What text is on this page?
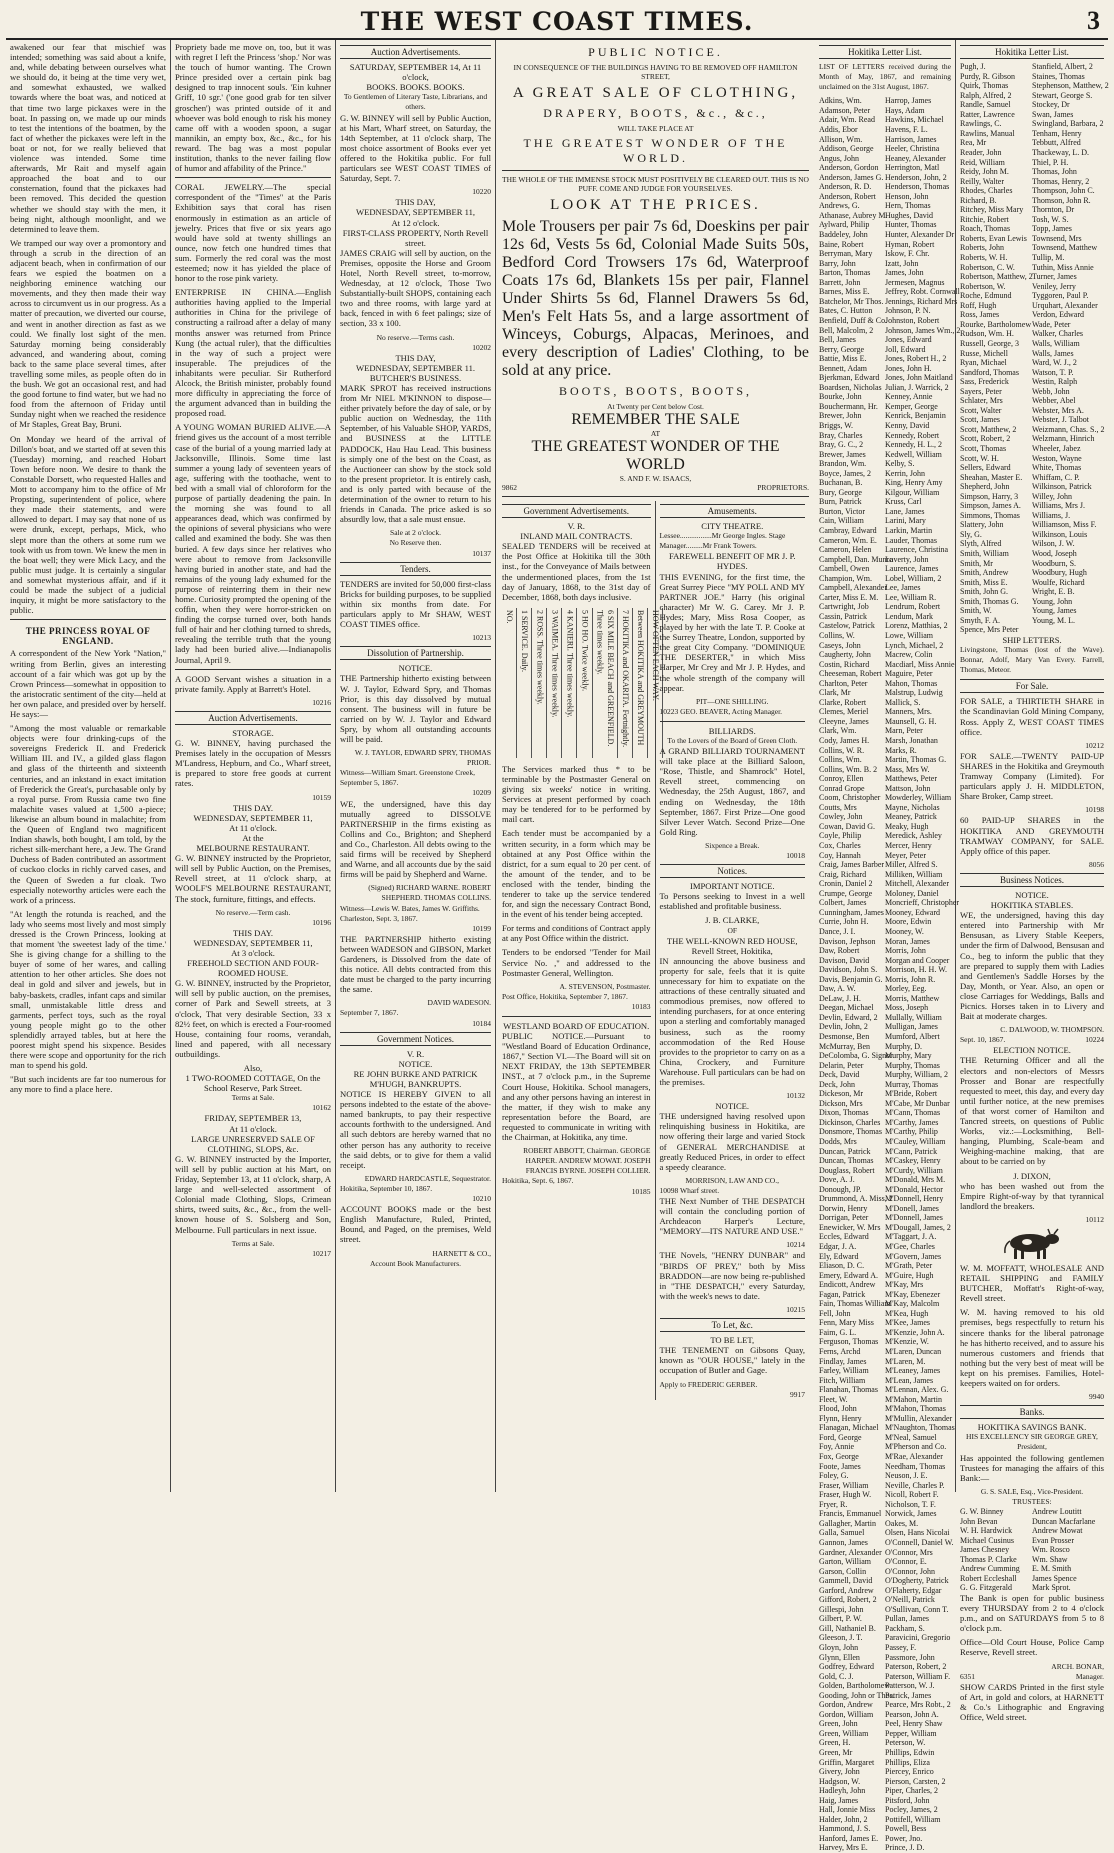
THE WEST COAST TIMES.	3

awakened our fear that mischief was intended; something was said about a knife, and, while debating between ourselves what we should do, it being at the time very wet, and somewhat exhausted, we walked towards where the boat was, and noticed at that time two large pickaxes were in the boat. In passing on, we made up our minds to test the intentions of the boatmen, by the fact of whether the pickaxes were left in the boat or not, for we really believed that violence was intended. Some time afterwards, Mr Rait and myself again approached the boat and to our consternation, found that the pickaxes had been removed. This decided the question whether we should stay with the men, it being night, although moonlight, and we determined to leave them.

We tramped our way over a promontory and through a scrub in the direction of an adjacent beach, when in confirmation of our fears we espied the boatmen on a neighboring eminence watching our movements, and they then made their way across to circumvent us in our progress. As a matter of precaution, we diverted our course, and went in another direction as fast as we could. We finally lost sight of the men. Saturday morning being considerably advanced, and wandering about, coming back to the same place several times, after travelling some miles, as people often do in the bush. We got an occasional rest, and had the good fortune to find water, but we had no food from the afternoon of Friday until Sunday night when we reached the residence of Mr Staples, Great Bay, Bruni.

On Monday we heard of the arrival of Dillon's boat, and we started off at seven this (Tuesday) morning, and reached Hobart Town before noon. We desire to thank the Constable Dorsett, who requested Halles and Mott to accompany him to the office of Mr Propsting, superintendent of police, where they made their statements, and were allowed to depart. I may say that none of us were drunk, except, perhaps, Mick, who slept more than the others at some rum we took with us from town. We knew the men in the boat well; they were Mick Lacy, and the public must judge. It is certainly a singular and somewhat mysterious affair, and if it could be made the subject of a judicial inquiry, it might be more satisfactory to the public.

THE PRINCESS ROYAL OF ENGLAND.

A correspondent of the New York "Nation," writing from Berlin, gives an interesting account of a fair which was got up by the Crown Princess—somewhat in opposition to the aristocratic sentiment of the city—held at her own palace, and presided over by herself. He says:—

"Among the most valuable or remarkable objects were four drinking-cups of the sovereigns Frederick II. and Frederick William III. and IV., a gilded glass flagon and glass of the thirteenth and sixteenth centuries, and an inkstand in exact imitation of Frederick the Great's, purchasable only by a royal purse. From Russia came two fine malachite vases valued at 1,500 a-piece; likewise an album bound in malachite; from the Queen of England two magnificent Indian shawls, both bought, I am told, by the richest silk-merchant here, a Jew. The Grand Duchess of Baden contributed an assortment of cuckoo clocks in richly carved cases, and the Queen of Sweden a fur cloak. Two especially noteworthy articles were each the work of a princess.

"At length the rotunda is reached, and the lady who seems most lively and most simply dressed is the Crown Princess, looking at that moment 'the sweetest lady of the time.' She is giving change for a shilling to the buyer of some of her wares, and calling attention to her other articles. She does not deal in gold and silver and jewels, but in baby-baskets, cradles, infant caps and similar small, unmistakable little dress and garments, perfect toys, such as the royal young people might go to the other splendidly arrayed tables, but at here the poorest might spend his sixpence. Besides there were scope and opportunity for the rich man to spend his gold.

"But such incidents are far too numerous for any more to find a place here.

Propriety bade me move on, too, but it was with regret I left the Princess 'shop.' Nor was the touch of humor wanting. The Crown Prince presided over a certain pink bag designed to trap innocent souls. 'Ein kuhner Griff, 10 sgr.' ('one good grab for ten silver groschen') was printed outside of it and whoever was bold enough to risk his money came off with a wooden spoon, a sugar mannikin, an empty box, &c., &c., for his reward. The bag was a most popular institution, thanks to the never failing flow of humor and affability of the Prince."

CORAL JEWELRY.—The special correspondent of the "Times" at the Paris Exhibition says that coral has risen enormously in estimation as an article of jewelry. Prices that five or six years ago would have sold at twenty shillings an ounce, now fetch one hundred times that sum. Formerly the red coral was the most esteemed; now it has yielded the place of honor to the rose pink variety.

ENTERPRISE IN CHINA.—English authorities having applied to the Imperial authorities in China for the privilege of constructing a railroad after a delay of many months answer was returned from Prince Kung (the actual ruler), that the difficulties in the way of such a project were insuperable. The prejudices of the inhabitants were peculiar. Sir Rutherford Alcock, the British minister, probably found more difficulty in appreciating the force of the argument advanced than in building the proposed road.

A YOUNG WOMAN BURIED ALIVE.—A friend gives us the account of a most terrible case of the burial of a young married lady at Jacksonville, Illinois. Some time last summer a young lady of seventeen years of age, suffering with the toothache, went to bed with a small vial of chloroform for the purpose of partially deadening the pain. In the morning she was found to all appearances dead, which was confirmed by the opinions of several physicians who were called and examined the body. She was then buried. A few days since her relatives who were about to remove from Jacksonville having buried in another state, and had the remains of the young lady exhumed for the purpose of reinterring them in their new home. Curiosity prompted the opening of the coffin, when they were horror-stricken on finding the corpse turned over, both hands full of hair and her clothing turned to shreds, revealing the terrible truth that the young lady had been buried alive.—Indianapolis Journal, April 9.

A GOOD Servant wishes a situation in a private family. Apply at Barrett's Hotel.

10216
Auction Advertisements.
STORAGE.

G. W. BINNEY, having purchased the Premises lately in the occupation of Messrs M'Landress, Hepburn, and Co., Wharf street, is prepared to store free goods at current rates.

10159
THIS DAY.
WEDNESDAY, SEPTEMBER 11,
At 11 o'clock.
At the
MELBOURNE RESTAURANT.

G. W. BINNEY instructed by the Proprietor, will sell by Public Auction, on the Premises, Revell street, at 11 o'clock sharp, at WOOLF'S MELBOURNE RESTAURANT, The stock, furniture, fittings, and effects.

No reserve.—Term cash.
10196
THIS DAY.
WEDNESDAY, SEPTEMBER 11,
At 3 o'clock.
FREEHOLD SECTION AND FOUR-ROOMED HOUSE.

G. W. BINNEY, instructed by the Proprietor, will sell by public auction, on the premises, corner of Park and Sewell streets, at 3 o'clock, That very desirable Section, 33 x 82½ feet, on which is erected a Four-roomed House, containing four rooms, verandah, lined and papered, with all necessary outbuildings.

Also,
1 TWO-ROOMED COTTAGE, On the School Reserve, Park Street.
Terms at Sale.
10162
FRIDAY, SEPTEMBER 13,
At 11 o'clock.
LARGE UNRESERVED SALE OF CLOTHING, SLOPS, &c.

G. W. BINNEY instructed by the Importer, will sell by public auction at his Mart, on Friday, September 13, at 11 o'clock, sharp, A large and well-selected assortment of Colonial made Clothing, Slops, Crimean shirts, tweed suits, &c., &c., from the well-known house of S. Solsberg and Son, Melbourne. Full particulars in next issue.

Terms at Sale.
10217
Auction Advertisements.
SATURDAY, SEPTEMBER 14, At 11 o'clock,
BOOKS. BOOKS. BOOKS.
To Gentlemen of Literary Taste, Librarians, and others.

G. W. BINNEY will sell by Public Auction, at his Mart, Wharf street, on Saturday, the 14th September, at 11 o'clock sharp, The most choice assortment of Books ever yet offered to the Hokitika public. For full particulars see WEST COAST TIMES of Saturday, Sept. 7.

10220
THIS DAY,
WEDNESDAY, SEPTEMBER 11,
At 12 o'clock.
FIRST-CLASS PROPERTY, North Revell street.

JAMES CRAIG will sell by auction, on the Premises, opposite the Horse and Groom Hotel, North Revell street, to-morrow, Wednesday, at 12 o'clock, Those Two Substantially-built SHOPS, containing each two and three rooms, with large yard at back, fenced in with 6 feet palings; size of section, 33 x 100.

No reserve.—Terms cash.
10202
THIS DAY,
WEDNESDAY, SEPTEMBER 11.
BUTCHER'S BUSINESS.

MARK SPROT has received instructions from Mr NIEL M'KINNON to dispose—either privately before the day of sale, or by public auction on Wednesday, the 11th September, of his Valuable SHOP, YARDS, and BUSINESS at the LITTLE PADDOCK, Hau Hau Lead. This business is simply one of the best on the Coast, as the Auctioneer can show by the stock sold to the present proprietor. It is entirely cash, and is only parted with because of the determination of the owner to return to his friends in Canada. The price asked is so absurdly low, that a sale must ensue.

Sale at 2 o'clock.
No Reserve then.
10137
Tenders.

TENDERS are invited for 50,000 first-class Bricks for building purposes, to be supplied within six months from date. For particulars apply to Mr SHAW, WEST COAST TIMES office.

10213
Dissolution of Partnership.
NOTICE.

THE Partnership hitherto existing between W. J. Taylor, Edward Spry, and Thomas Prior, is this day dissolved by mutual consent. The business will in future be carried on by W. J. Taylor and Edward Spry, by whom all outstanding accounts will be paid.

W. J. TAYLOR, EDWARD SPRY, THOMAS PRIOR.
Witness—William Smart. Greenstone Creek, September 5, 1867.
10209

WE, the undersigned, have this day mutually agreed to DISSOLVE PARTNERSHIP in the firms existing as Collins and Co., Brighton; and Shepherd and Co., Charleston. All debts owing to the said firms will be received by Shepherd and Warne, and all accounts due by the said firms will be paid by Shepherd and Warne.

(Signed) RICHARD WARNE. ROBERT SHEPHERD. THOMAS COLLINS.
Witness—Lewis W. Bates, James W. Griffiths. Charleston, Sept. 3, 1867.
10199

THE PARTNERSHIP hitherto existing between WADESON and GIBSON, Market Gardeners, is Dissolved from the date of this notice. All debts contracted from this date must be charged to the party incurring the same.

DAVID WADESON.
September 7, 1867.
10184
Government Notices.
V. R.
NOTICE.
RE JOHN BURKE AND PATRICK M'HUGH, BANKRUPTS.

NOTICE IS HEREBY GIVEN to all persons indebted to the estate of the above-named bankrupts, to pay their respective accounts forthwith to the undersigned. And all such debtors are hereby warned that no other person has any authority to receive the said debts, or to give for them a valid receipt.

EDWARD HARDCASTLE, Sequestrator.
Hokitika, September 10, 1867.
10210

ACCOUNT BOOKS made or the best English Manufacture, Ruled, Printed, Bound, and Paged, on the premises, Weld street.

HARNETT & CO.,
Account Book Manufacturers.
PUBLIC NOTICE.
IN CONSEQUENCE OF THE BUILDINGS HAVING TO BE REMOVED OFF HAMILTON STREET,
A GREAT SALE OF CLOTHING,
DRAPERY, BOOTS, &c., &c.,
WILL TAKE PLACE AT
THE GREATEST WONDER OF THE WORLD.
THE WHOLE OF THE IMMENSE STOCK MUST POSITIVELY BE CLEARED OUT. THIS IS NO PUFF. COME AND JUDGE FOR YOURSELVES.
LOOK AT THE PRICES.

Mole Trousers per pair 7s 6d, Doeskins per pair 12s 6d, Vests 5s 6d, Colonial Made Suits 50s, Bedford Cord Trowsers 17s 6d, Waterproof Coats 17s 6d, Blankets 15s per pair, Flannel Under Shirts 5s 6d, Flannel Drawers 5s 6d, Men's Felt Hats 5s, and a large assortment of Winceys, Coburgs, Alpacas, Merinoes, and every description of Ladies' Clothing, to be sold at any price.

BOOTS, BOOTS, BOOTS,
At Twenty per Cent below Cost.
REMEMBER THE SALE
AT
THE GREATEST WONDER OF THE WORLD
S. AND F. W. ISAACS,
9862	PROPRIETORS.
Government Advertisements.
V. R.
INLAND MAIL CONTRACTS.

SEALED TENDERS will be received at the Post Office at Hokitika till the 30th inst., for the Conveyance of Mails between the undermentioned places, from the 1st day of January, 1868, to the 31st day of December, 1868, both days inclusive.

NO. 1 SERVICE. Daily.
2 ROSS. Three times weekly.
3 WAIMEA. Three times weekly.
4 KANIERI. Three times weekly.
5 HO HO. Twice weekly.
6 SIX MILE BEACH and GREENFIELD. Three times weekly.	7 HOKITIKA and OKARITA. Fortnightly. Between HOKITIKA and GREYMOUTH HOW OFTEN EACH WAY.

The Services marked thus * to be terminable by the Postmaster General on giving six weeks' notice in writing. Services at present performed by coach may be tendered for to be performed by mail cart.

Each tender must be accompanied by a written security, in a form which may be obtained at any Post Office within the district, for a sum equal to 20 per cent. of the amount of the tender, and to be enclosed with the tender, binding the tenderer to take up the service tendered for, and sign the necessary Contract Bond, in the event of his tender being accepted.

For terms and conditions of Contract apply at any Post Office within the district.

Tenders to be endorsed "Tender for Mail Service No. ," and addressed to the Postmaster General, Wellington.

A. STEVENSON, Postmaster.
Post Office, Hokitika, September 7, 1867.
10183
WESTLAND BOARD OF EDUCATION.

PUBLIC NOTICE.—Pursuant to "Westland Board of Education Ordinance, 1867," Section VI.—The Board will sit on NEXT FRIDAY, the 13th SEPTEMBER INST., at 7 o'clock p.m., in the Supreme Court House, Hokitika. School managers, and any other persons having an interest in the matter, if they wish to make any representation before the Board, are requested to communicate in writing with the Chairman, at Hokitika, any time.

ROBERT ABBOTT, Chairman. GEORGE HARPER. ANDREW MOWAT. JOSEPH FRANCIS BYRNE. JOSEPH COLLIER.
Hokitika, Sept. 6, 1867.
10185
Amusements.
CITY THEATRE.
Lessee.................Mr George Ingles. Stage Manager.........Mr Frank Towers.
FAREWELL BENEFIT OF MR J. P. HYDES.

THIS EVENING, for the first time, the Great Surrey Piece "MY POLL AND MY PARTNER JOE." Harry (his original character) Mr W. G. Carey. Mr J. P. Hydes; Mary, Miss Rosa Cooper, as played by her with the late T. P. Cooke at the Surrey Theatre, London, supported by the great City Company. "DOMINIQUE THE DESERTER," in which Miss Harper, Mr Crey and Mr J. P. Hydes, and the whole strength of the company will appear.

PIT—ONE SHILLING.
10223 GEO. BEAVER, Acting Manager.
BILLIARDS.
To the Lovers of the Board of Green Cloth.

A GRAND BILLIARD TOURNAMENT will take place at the Billiard Saloon, "Rose, Thistle, and Shamrock" Hotel, Revell street, commencing on Wednesday, the 25th August, 1867, and ending on Wednesday, the 18th September, 1867. First Prize—One good Silver Lever Watch. Second Prize—One Gold Ring.

Sixpence a Break.
10018
Notices.
IMPORTANT NOTICE.

To Persons seeking to Invest in a well established and profitable business.

J. B. CLARKE,
OF
THE WELL-KNOWN RED HOUSE, Revell Street, Hokitika,

IN announcing the above business and property for sale, feels that it is quite unnecessary for him to expatiate on the attractions of these centrally situated and commodious premises, now offered to intending purchasers, for at once entering upon a sterling and comfortably managed business, such as the roomy accommodation of the Red House provides to the proprietor to carry on as a China, Crockery, and Furniture Warehouse. Full particulars can be had on the premises.

10132
NOTICE.

THE undersigned having resolved upon relinquishing business in Hokitika, are now offering their large and varied Stock of GENERAL MERCHANDISE at greatly Reduced Prices, in order to effect a speedy clearance.

MORRISON, LAW AND CO.,
10098 Wharf street.

THE Next Number of THE DESPATCH will contain the concluding portion of Archdeacon Harper's Lecture, "MEMORY—ITS NATURE AND USE."

10214

THE Novels, "HENRY DUNBAR" and "BIRDS OF PREY," both by Miss BRADDON—are now being re-published in "THE DESPATCH," every Saturday, with the week's news to date.

10215
To Let, &c.
TO BE LET,

THE TENEMENT on Gibsons Quay, known as "OUR HOUSE," lately in the occupation of Butler and Gage.

Apply to FREDERIC GERBER.
9917
Hokitika Letter List.

LIST OF LETTERS received during the Month of May, 1867, and remaining unclaimed on the 31st August, 1867.

Adkins, Wm.
Adamson, Peter
Adair, Wm. Read
Addis, Ebor
Allison, Wm.
Addison, George
Angus, John
Anderson, Gordon
Anderson, James G.
Anderson, R. D.
Anderson, Robert
Andrews, G.
Athanase, Aubrey M.
Aylward, Philip
Baddeley, John
Baine, Robert
Berryman, Mary
Barry, John
Barton, Thomas
Barrett, John
Barnes, Miss E.
Batchelor, Mr Thos.
Bates, C. Hutton
Benfield, Duff & Co.
Bell, Malcolm, 2
Bell, James
Berry, George
Battie, Miss E.
Bennett, Adam
Bjerkman, Edward
Boardsen, Nicholas
Bourke, John
Bouchermann, Hr.
Brewer, John
Briggs, W.
Bray, Charles
Bray, G. C., 2
Brewer, James
Brandon, Wm.
Boyce, James, 2
Buchanan, B.
Bury, George
Burn, Patrick
Burton, Victor
Cain, William
Cambray, Edward
Cameron, Wm. E.
Cameron, Helen
Campbell, Dan. Munro
Cambell, Owen
Champion, Wm.
Campbell, Alexander
Carter, Miss E. M.
Cartwright, Job
Cassin, Patrick
Castelow, Patrick
Collins, W.
Caseys, John
Caugherty, John
Costin, Richard
Cheeseman, Robert
Charlton, Peter
Clark, Mr
Clarke, Robert
Clemes, Meriel
Cleeyne, James
Clark, Wm.
Cody, James H.
Collins, W. R.
Collins, Wm.
Collins, Wm. B. 2
Conroy, Ellen
Conrad Grope
Coom, Christopher
Coutts, Mrs
Cowley, John
Cowan, David G.
Coyle, Philip
Cox, Charles
Coy, Hannah
Craig, James Barber
Craig, Richard
Cronin, Daniel 2
Crumpe, George
Colbert, James
Cunningham, James
Currie, John H.
Dance, J. I.
Davison, Jephson
Daw, Robert
Davison, David
Davidson, John S.
Davis, Benjamin G.
Daw, A. W.
DeLaw, J. H.
Deegan, Michael
Devlin, Edward, 2
Devlin, John, 2
Desmonse, Ben
McMurray, Ben
DeColomba, G. Signor
Delarin, Peter
Deck, David
Deck, John
Dickeson, Mr
Dickson, Mrs
Dixon, Thomas
Dickinson, Charles
Donsmore, Thomas
Dodds, Mrs
Duncan, Patrick
Duncan, Thomas
Douglass, Robert
Dove, A. J.
Donough, JP.
Drummond, A. Miss, 2
Dorwin, Henry
Dorrigan, Peter
Enewicker, W. Mrs
Eccles, Edward
Edgar, J. A.
Ely, Edward
Eliason, D. C.
Emery, Edward A.
Endicott, Andrew
Fagan, Patrick
Fain, Thomas William
Fell, John
Fenn, Mary Miss
Faim, G. L.
Ferguson, Thomas
Ferns, Archd
Findlay, James
Farley, William
Fitch, William
Flanahan, Thomas
Fleet, W.
Flood, John
Flynn, Henry
Flanagan, Michael
Ford, George
Foy, Annie
Fox, George
Foote, James
Foley, G.
Fraser, William
Fraser, Hugh W.
Fryer, R.
Francis, Emmanuel
Gallagher, Martin
Galla, Samuel
Gannon, James
Gardner, Alexander
Garton, William
Garson, Collin
Gammell, David
Garford, Andrew
Gifford, Robert, 2
Gillespi, John
Gilbert, P. W.
Gill, Nathaniel B.
Gleeson, J. T.
Gloyn, John
Glynn, Ellen
Godfrey, Edward
Gold, C. J.
Golden, Bartholomew
Gooding, John or Thos.
Gordon, Andrew
Gordon, William
Green, John
Green, William
Green, H.
Green, Mr
Griffin, Margaret
Givery, John
Hadgson, W.
Hadleyh, John
Haig, James
Hall, Jonnie Miss
Halder, John, 2
Hammond, J. S.
Hanford, James E.
Harvey, Mrs E.
Harrop, James
Hays, Adam
Hawkins, Michael
Havens, F. L.
Harrison, James
Heeler, Christina
Heaney, Alexander
Herrington, Matl
Henderson, John, 2
Henderson, Thomas
Henson, John
Hern, Thomas
Hughes, David
Hunter, Thomas
Hunter, Alexander Dr
Hyman, Robert
Iskow, F. Chr.
Izatt, John
James, John
Jermesen, Magnus
Jeffrey, Robt. Cornwall
Jennings, Richard Mrs
Johnson, P. N.
Johnston, Robert
Johnson, James Wm., 2
Jones, Edward
Joll, Edward
Jones, Robert H., 2
Jones, John H.
Jones, John Maitland
Julian, J. Warrick, 2
Kenney, Annie
Kemper, George
Kenrick, Benjamin
Kenny, David
Kennedy, Robert
Kennedy, H. L., 2
Kedwell, William
Kelby, S.
Kerrin, John
King, Henry Amy
Kilgour, William
Kruss, Carl
Lane, James
Larini, Mary
Larkin, Martin
Lauder, Thomas
Laurence, Christina
Laverty, John
Laurence, James
Lobel, William, 2
Lee, James
Lee, William R.
Lendrum, Robert
Lendum, Mark
Lorenz, Matthias, 2
Lowe, William
Lynch, Michael, 2
Macrew, Colin
Macdiarl, Miss Annie
Maguire, Peter
Mahon, Thomas
Malstrup, Ludwig
Mallick, S.
Manners, Mrs.
Maunsell, G. H.
Marn, Peter
Marsh, Jonathan
Marks, R.
Martin, Thomas G.
Mass, Mrs W.
Matthews, Peter
Mattson, John
Mowderley, William
Mayne, Nicholas
Meaney, Patrick
Meaky, Hugh
Meredick, Ashley
Mercer, Henry
Meyer, Peter
Miller, Alfred S.
Milliken, William
Mitchell, Alexander
Moloney, Daniel
Moncrieff, Christopher
Mooney, Edward
Moore, Edwin
Mooney, W.
Moran, James
Morris, John
Morgan and Cooper
Morrison, H. H. W.
Morris, John R.
Morley, Eeg.
Morris, Matthew
Moss, Joseph
Mullally, William
Mulligan, James
Mumford, Albert
Murphy, D.
Murphy, Mary
Murphy, Thomas
Murphy, William, 2
Murray, Thomas
M'Bride, Robert
M'Cabe, Mr Dunbar
M'Cann, Thomas
M'Carthy, James
M'Carthy, Philip
M'Cauley, William
M'Cann, Patrick
M'Caskey, Henry
M'Curdy, William
M'Donald, Mrs M.
M'Donald, Hector
M'Donnell, Henry
M'Donell, James
M'Donnell, James
M'Dougall, James, 2
M'Taggart, J. A.
M'Gee, Charles
M'Govern, James
M'Grath, Peter
M'Guire, Hugh
M'Kay, Mrs
M'Kay, Ebenezer
M'Kay, Malcolm
M'Kea, Hugh
M'Kee, James
M'Kenzie, John A.
M'Kenzie, W.
M'Laren, Duncan
M'Laren, M.
M'Leaney, James
M'Lean, James
M'Lennan, Alex. G.
M'Mahon, Martin
M'Mahon, Thomas
M'Mullin, Alexander
M'Naughton, Thomas
M'Neal, Samuel
M'Pherson and Co.
M'Rae, Alexander
Needham, Thomas
Neuson, J. E.
Neville, Charles P.
Nicoll, Robert F.
Nicholson, T. F.
Norwick, James
Oakes, M.
Olsen, Hans Nicolai
O'Connell, Daniel W.
O'Connor, Mrs
O'Connor, E.
O'Connor, John
O'Dogherty, Patrick
O'Flaherty, Edgar
O'Neill, Patrick
O'Sullivan, Conn T.
Pullan, James
Packham, S.
Paravicini, Gregorio
Passey, F.
Passmore, John
Paterson, Robert, 2
Paterson, William F.
Patterson, W. J.
Patrick, James
Pearce, Mrs Robt., 2
Pearson, John A.
Peel, Henry Shaw
Pepper, William
Peterson, W.
Phillips, Edwin
Phillips, Eliza
Piercey, Enrico
Pierson, Carsten, 2
Piper, Charles, 2
Pitsford, John
Pocley, James, 2
Pottifell, William
Powell, Bess
Power, Jno.
Prince, J. D.
Hokitika Letter List.
Pugh, J.
Purdy, R. Gibson
Quirk, Thomas
Ralph, Alfred, 2
Randle, Samuel
Ratter, Lawrence
Rawlings, C.
Rawlins, Manual
Rea, Mr
Reader, John
Reid, William
Reidy, John M.
Reilly, Walter
Rhodes, Charles
Richard, B.
Ritchey, Miss Mary
Ritchie, Robert
Roach, Thomas
Roberts, Evan Lewis
Roberts, John
Roberts, W. H.
Robertson, C. W.
Robertson, Matthew, 2
Robertson, W.
Roche, Edmund
Roff, Hugh
Ross, James
Rourke, Bartholomew
Rudson, Wm. H.
Russell, George, 3
Russe, Michell
Ryan, Michael
Sandford, Thomas
Sass, Frederick
Sayers, Peter
Schlater, Mrs
Scott, Walter
Scott, James
Scott, Matthew, 2
Scott, Robert, 2
Scott, Thomas
Scott, W. H.
Sellers, Edward
Sheahan, Master E.
Shepherd, John
Simpson, Harry, 3
Simpson, James A.
Simmons, Thomas
Slattery, John
Sly, G.
Slyth, Alfred
Smith, William
Smith, Mr
Smith, Andrew
Smith, Miss E.
Smith, John G.
Smith, Thomas G.
Smith, W.
Smyth, F. A.
Spence, Mrs Peter
Stanfield, Albert, 2
Staines, Thomas
Stephenson, Matthew, 2
Stewart, George S.
Stockey, Dr
Swan, James
Swingland, Barbara, 2
Tenham, Henry
Tebbutt, Alfred
Thackeway, L. D.
Thiel, P. H.
Thomas, John
Thomas, Henry, 2
Thompson, John C.
Thomson, John R.
Thornton, Dr
Tosh, W. S.
Topp, James
Townsend, Mrs
Townsend, Matthew
Tullip, M.
Tuthin, Miss Annie
Turner, James
Veniley, Jerry
Tyggoren, Paul P.
Urquhart, Alexander
Verdon, Edward
Wade, Peter
Walker, Charles
Walls, William
Walls, James
Ward, W. J., 2
Watson, T. P.
Westin, Ralph
Webb, John
Webber, Abel
Webster, Mrs A.
Webster, J. Talbot
Weizmann, Chas. S., 2
Welzmann, Hinrich
Wheeler, Jabez
Weston, Wayne
White, Thomas
Whiffam, C. P.
Wilkinson, Patrick
Willey, John
Williams, Mrs J.
Williams, J.
Williamson, Miss F.
Wilkinson, Louis
Wilson, J. W.
Wood, Joseph
Woodburn, S.
Woodbury, Hugh
Woulfe, Richard
Wright, E. B.
Young, John
Young, James
Young, M. L.
SHIP LETTERS.

Livingstone, Thomas (lost of the Wave). Bonnar, Adolf, Mary Van Every. Farrell, Thomas, Meteor.

For Sale.

FOR SALE, a THIRTIETH SHARE in the Scandinavian Gold Mining Company, Ross. Apply Z, WEST COAST TIMES office.

10212

FOR SALE.—TWENTY PAID-UP SHARES in the Hokitika and Greymouth Tramway Company (Limited). For particulars apply J. H. MIDDLETON, Share Broker, Camp street.

10198

60 PAID-UP SHARES in the HOKITIKA AND GREYMOUTH TRAMWAY COMPANY, for SALE. Apply office of this paper.

8056
Business Notices.
NOTICE.
HOKITIKA STABLES.

WE, the undersigned, having this day entered into Partnership with Mr Bensusan, as Livery Stable Keepers, under the firm of Dalwood, Bensusan and Co., beg to inform the public that they are prepared to supply them with Ladies and Gentlemen's Saddle Horses by the Day, Month, or Year. Also, an open or close Carriages for Weddings, Balls and Picnics. Horses taken in to Livery and Bait at moderate charges.

C. DALWOOD, W. THOMPSON.
Sept. 10, 1867.	10224
ELECTION NOTICE.

THE Returning Officer and all the electors and non-electors of Messrs Prosser and Bonar are respectfully requested to meet, this day, and every day until further notice, at the new premises of that worst corner of Hamilton and Tancred streets, on questions of Public Works, viz.:—Locksmithing, Bell-hanging, Plumbing, Scale-beam and Weighing-machine making, that are about to be carried on by

J. DIXON,

who has been washed out from the Empire Right-of-way by that tyrannical landlord the breakers.

10112

W. M. MOFFATT, WHOLESALE AND RETAIL SHIPPING and FAMILY BUTCHER, Moffatt's Right-of-way, Revell street.

W. M. having removed to his old premises, begs respectfully to return his sincere thanks for the liberal patronage he has hitherto received, and to assure his numerous customers and friends that nothing but the very best of meat will be kept on his premises. Families, Hotel-keepers waited on for orders.

9940
Banks.
HOKITIKA SAVINGS BANK.
HIS EXCELLENCY SIR GEORGE GREY, President,

Has appointed the following gentlemen Trustees for managing the affairs of this Bank:—

G. S. SALE, Esq., Vice-President.
TRUSTEES:
G. W. Binney
John Bevan
W. H. Hardwick
Michael Cusinus
James Chesney
Thomas P. Clarke
Andrew Cumming
Robert Eccleshall
G. G. Fitzgerald
Andrew Loutitt
Duncan Macfarlane
Andrew Mowat
Evan Prosser
Wm. Rosco
Wm. Shaw
E. M. Smith
James Spence
Mark Sprot.

The Bank is open for public business every THURSDAY from 2 to 4 o'clock p.m., and on SATURDAYS from 5 to 8 o'clock p.m.

Office—Old Court House, Police Camp Reserve, Revell street.

ARCH. BONAR,
6351	Manager.

SHOW CARDS Printed in the first style of Art, in gold and colors, at HARNETT & Co.'s Lithographic and Engraving Office, Weld street.
